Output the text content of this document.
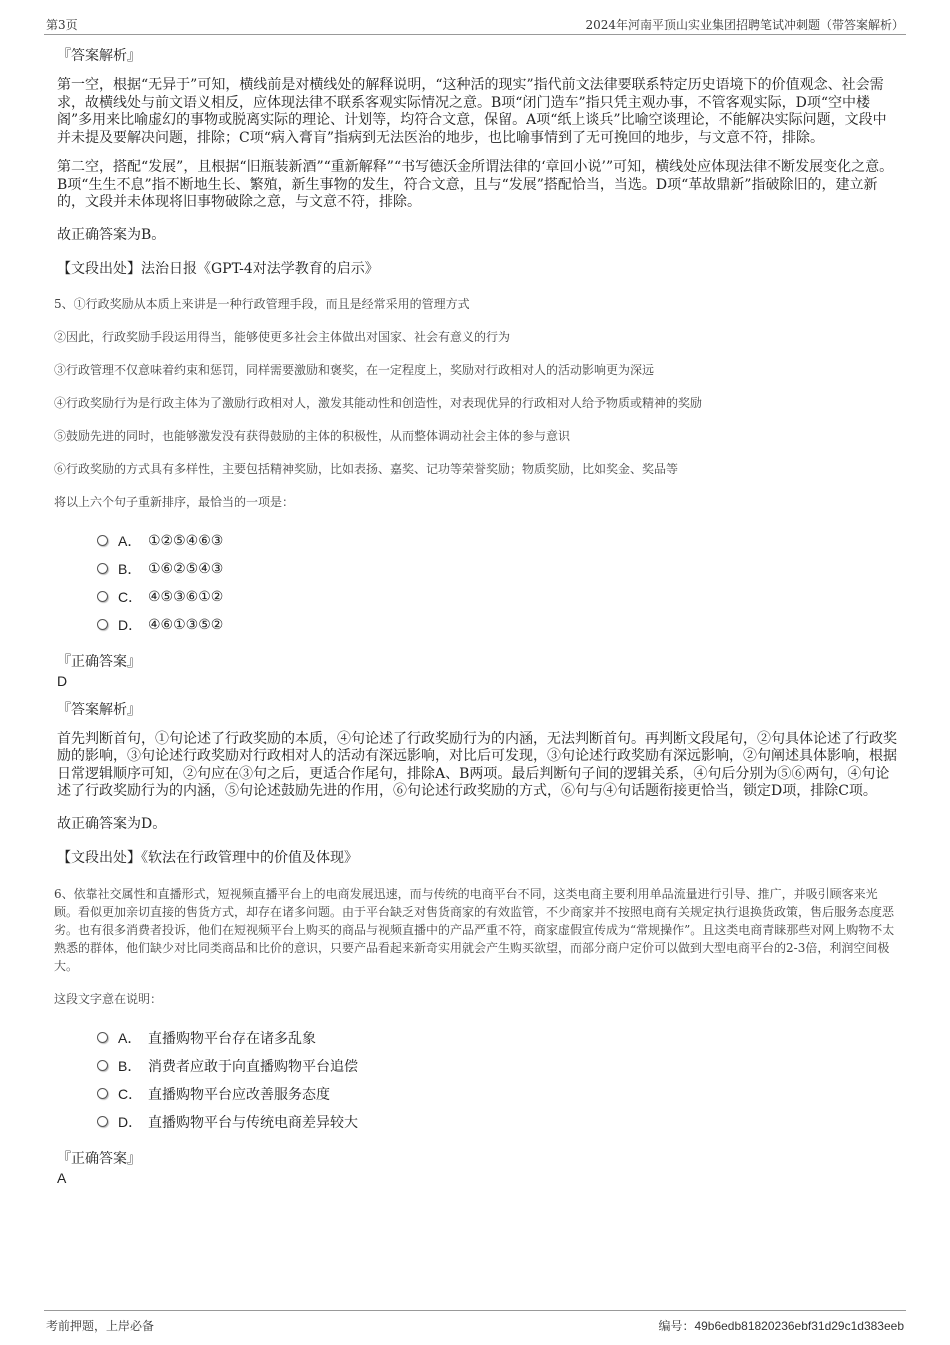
第3页	2024年河南平顶山实业集团招聘笔试冲刺题（带答案解析）
『答案解析』

第一空，根据“无异于”可知，横线前是对横线处的解释说明，“这种活的现实”指代前文法律要联系特定历史语境下的价值观念、社会需求，故横线处与前文语义相反，应体现法律不联系客观实际情况之意。B项“闭门造车”指只凭主观办事，不管客观实际，D项“空中楼阁”多用来比喻虚幻的事物或脱离实际的理论、计划等，均符合文意，保留。A项“纸上谈兵”比喻空谈理论，不能解决实际问题，文段中并未提及要解决问题，排除；C项“病入膏肓”指病到无法医治的地步，也比喻事情到了无可挽回的地步，与文意不符，排除。

第二空，搭配“发展”，且根据“旧瓶装新酒”“重新解释”“书写德沃金所谓法律的‘章回小说’”可知，横线处应体现法律不断发展变化之意。B项“生生不息”指不断地生长、繁殖，新生事物的发生，符合文意，且与“发展”搭配恰当，当选。D项“革故鼎新”指破除旧的，建立新的，文段并未体现将旧事物破除之意，与文意不符，排除。

故正确答案为B。
【文段出处】法治日报《GPT-4对法学教育的启示》
5、①行政奖励从本质上来讲是一种行政管理手段，而且是经常采用的管理方式
②因此，行政奖励手段运用得当，能够使更多社会主体做出对国家、社会有意义的行为
③行政管理不仅意味着约束和惩罚，同样需要激励和褒奖，在一定程度上，奖励对行政相对人的活动影响更为深远
④行政奖励行为是行政主体为了激励行政相对人，激发其能动性和创造性，对表现优异的行政相对人给予物质或精神的奖励
⑤鼓励先进的同时，也能够激发没有获得鼓励的主体的积极性，从而整体调动社会主体的参与意识
⑥行政奖励的方式具有多样性，主要包括精神奖励，比如表扬、嘉奖、记功等荣誉奖励；物质奖励，比如奖金、奖品等
将以上六个句子重新排序，最恰当的一项是：
A． ①②⑤④⑥③
B． ①⑥②⑤④③
C． ④⑤③⑥①②
D． ④⑥①③⑤②
『正确答案』
D
『答案解析』

首先判断首句，①句论述了行政奖励的本质，④句论述了行政奖励行为的内涵，无法判断首句。再判断文段尾句，②句具体论述了行政奖励的影响，③句论述行政奖励对行政相对人的活动有深远影响，对比后可发现，③句论述行政奖励有深远影响，②句阐述具体影响，根据日常逻辑顺序可知，②句应在③句之后，更适合作尾句，排除A、B两项。最后判断句子间的逻辑关系，④句后分别为⑤⑥两句，④句论述了行政奖励行为的内涵，⑤句论述鼓励先进的作用，⑥句论述行政奖励的方式，⑥句与④句话题衔接更恰当，锁定D项，排除C项。

故正确答案为D。
【文段出处】《软法在行政管理中的价值及体现》

6、依靠社交属性和直播形式，短视频直播平台上的电商发展迅速，而与传统的电商平台不同，这类电商主要利用单品流量进行引导、推广，并吸引顾客来光顾。看似更加亲切直接的售货方式，却存在诸多问题。由于平台缺乏对售货商家的有效监管，不少商家并不按照电商有关规定执行退换货政策，售后服务态度恶劣。也有很多消费者投诉，他们在短视频平台上购买的商品与视频直播中的产品严重不符，商家虚假宣传成为“常规操作”。且这类电商青睐那些对网上购物不太熟悉的群体，他们缺少对比同类商品和比价的意识，只要产品看起来新奇实用就会产生购买欲望，而部分商户定价可以做到大型电商平台的2-3倍，利润空间极大。

这段文字意在说明：
A． 直播购物平台存在诸多乱象
B． 消费者应敢于向直播购物平台追偿
C． 直播购物平台应改善服务态度
D． 直播购物平台与传统电商差异较大
『正确答案』
A
考前押题，上岸必备	编号：49b6edb81820236ebf31d29c1d383eeb
